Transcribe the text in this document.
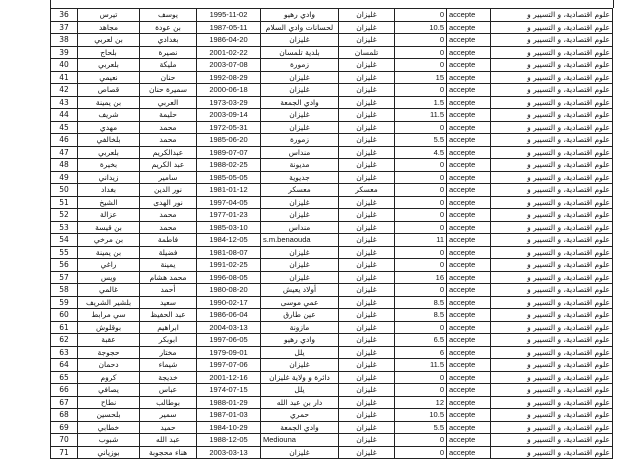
36	تيرس	يوسف	1995-11-02	وادي رهيو	غليزان	0	accepte	علوم اقتصادية، و التسيير و
37	مجاهد	بن عودة	1987-05-11	لحسانات وادي السلام	غليزان	10.5	accepte	علوم اقتصادية، و التسيير و
38	بن لعربي	بغدادي	1986-04-20	غليزان	غليزان	0	accepte	علوم اقتصادية، و التسيير و
39	بلحاج	نصيرة	2001-02-22	بلدية تلمسان	تلمسان	0	accepte	علوم اقتصادية، و التسيير و
40	بلعربي	مليكة	2003-07-08	زمورة	غليزان	0	accepte	علوم اقتصادية، و التسيير و
41	نعيمي	حنان	1992-08-29	غليزان	غليزان	15	accepte	علوم اقتصادية، و التسيير و
42	قصاص	سميرة حنان	2000-06-18	غليزان	غليزان	0	accepte	علوم اقتصادية، و التسيير و
43	بن يمينة	العربي	1973-03-29	وادي الجمعة	غليزان	1.5	accepte	علوم اقتصادية، و التسيير و
44	شريف	حليمة	2003-09-14	غليزان	غليزان	11.5	accepte	علوم اقتصادية، و التسيير و
45	مهدي	محمد	1972-05-31	غليزان	غليزان	0	accepte	علوم اقتصادية، و التسيير و
46	بلخالفي	محمد	1985-06-20	زمورة	غليزان	5.5	accepte	علوم اقتصادية، و التسيير و
47	بلعربي	عبدالكريم	1989-07-07	منداس	غليزان	4.5	accepte	علوم اقتصادية، و التسيير و
48	بخيرة	عبد الكريم	1988-02-25	مديونة	غليزان	0	accepte	علوم اقتصادية، و التسيير و
49	زيداني	سامير	1985-05-05	جديوية	غليزان	0	accepte	علوم اقتصادية، و التسيير و
50	بغداد	نور الدين	1981-01-12	معسكر	معسكر	0	accepte	علوم اقتصادية، و التسيير و
51	الشيخ	نور الهدى	1997-04-05	غليزان	غليزان	0	accepte	علوم اقتصادية، و التسيير و
52	عزالة	محمد	1977-01-23	غليزان	غليزان	0	accepte	علوم اقتصادية، و التسيير و
53	بن قيسة	محمد	1985-03-10	منداس	غليزان	0	accepte	علوم اقتصادية، و التسيير و
54	بن مرخي	فاطمة	1984-12-05	s.m.benaouda	غليزان	11	accepte	علوم اقتصادية، و التسيير و
55	بن يمينة	فضيلة	1981-08-07	غليزان	غليزان	0	accepte	علوم اقتصادية، و التسيير و
56	راغي	يمينة	1991-02-25	غليزان	غليزان	0	accepte	علوم اقتصادية، و التسيير و
57	ويس	محمد هشام	1996-08-05	غليزان	غليزان	16	accepte	علوم اقتصادية، و التسيير و
58	غالمي	أحمد	1980-08-20	أولاد يعيش	غليزان	0	accepte	علوم اقتصادية، و التسيير و
59	بلشير الشريف	سعيد	1990-02-17	عمي موسى	غليزان	8.5	accepte	علوم اقتصادية، و التسيير و
60	سي مرابط	عبد الحفيظ	1986-06-04	عين طارق	غليزان	8.5	accepte	علوم اقتصادية، و التسيير و
61	بوقلوش	ابراهيم	2004-03-13	مازونة	غليزان	0	accepte	علوم اقتصادية، و التسيير و
62	عقبة	ابوبكر	1997-06-05	وادي رهيو	غليزان	6.5	accepte	علوم اقتصادية، و التسيير و
63	حجوجة	مختار	1979-09-01	يلل	غليزان	6	accepte	علوم اقتصادية، و التسيير و
64	دحمان	شيماء	1997-07-06	غليزان	غليزان	11.5	accepte	علوم اقتصادية، و التسيير و
65	كروم	خديجة	2001-12-16	دائرة و ولاية غليزان	غليزان	0	accepte	علوم اقتصادية، و التسيير و
66	يصافي	عباس	1974-07-15	يلل	غليزان	0	accepte	علوم اقتصادية، و التسيير و
67	نطاح	بوطالب	1988-01-29	دار بن عبد الله	غليزان	12	accepte	علوم اقتصادية، و التسيير و
68	بلحسين	سمير	1987-01-03	حمري	غليزان	10.5	accepte	علوم اقتصادية، و التسيير و
69	خطابي	حميد	1984-10-29	وادي الجمعة	غليزان	5.5	accepte	علوم اقتصادية، و التسيير و
70	شبوب	عبد الله	1988-12-05	Mediouna	غليزان	0	accepte	علوم اقتصادية، و التسيير و
71	بوزياني	هناء محجوبة	2003-03-13	غليزان	غليزان	0	accepte	علوم اقتصادية، و التسيير و
